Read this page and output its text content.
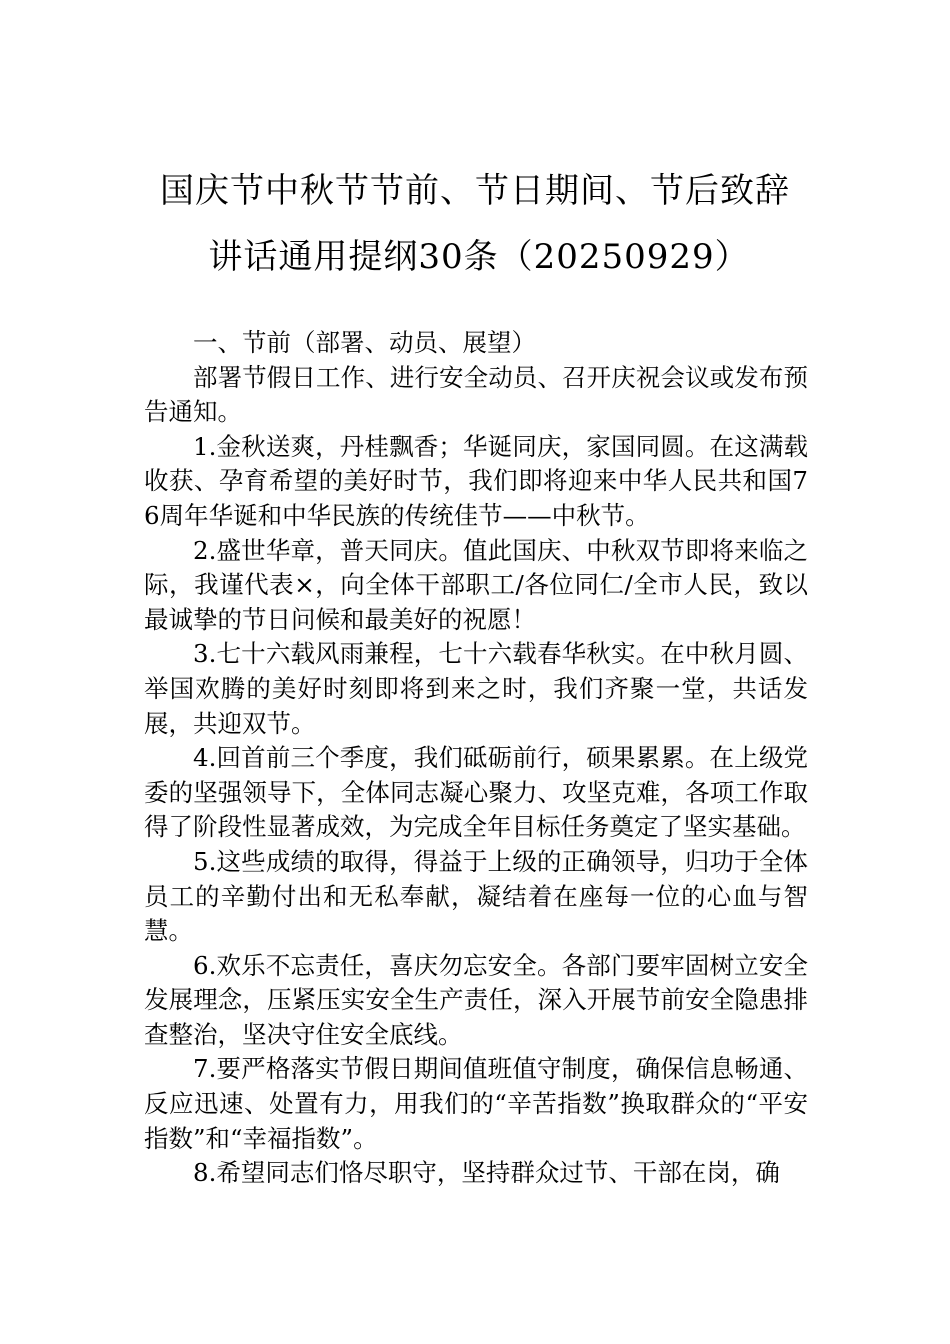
国庆节中秋节节前、节日期间、节后致辞
讲话通用提纲30条（20250929）

一、节前（部署、动员、展望）

部署节假日工作、进行安全动员、召开庆祝会议或发布预告通知。

1.金秋送爽，丹桂飘香；华诞同庆，家国同圆。在这满载收获、孕育希望的美好时节，我们即将迎来中华人民共和国76周年华诞和中华民族的传统佳节——中秋节。

2.盛世华章，普天同庆。值此国庆、中秋双节即将来临之际，我谨代表×，向全体干部职工/各位同仁/全市人民，致以最诚挚的节日问候和最美好的祝愿！

3.七十六载风雨兼程，七十六载春华秋实。在中秋月圆、举国欢腾的美好时刻即将到来之时，我们齐聚一堂，共话发展，共迎双节。

4.回首前三个季度，我们砥砺前行，硕果累累。在上级党委的坚强领导下，全体同志凝心聚力、攻坚克难，各项工作取得了阶段性显著成效，为完成全年目标任务奠定了坚实基础。

5.这些成绩的取得，得益于上级的正确领导，归功于全体员工的辛勤付出和无私奉献，凝结着在座每一位的心血与智慧。

6.欢乐不忘责任，喜庆勿忘安全。各部门要牢固树立安全发展理念，压紧压实安全生产责任，深入开展节前安全隐患排查整治，坚决守住安全底线。

7.要严格落实节假日期间值班值守制度，确保信息畅通、反应迅速、处置有力，用我们的“辛苦指数”换取群众的“平安指数”和“幸福指数”。

8.希望同志们恪尽职守，坚持群众过节、干部在岗，确
